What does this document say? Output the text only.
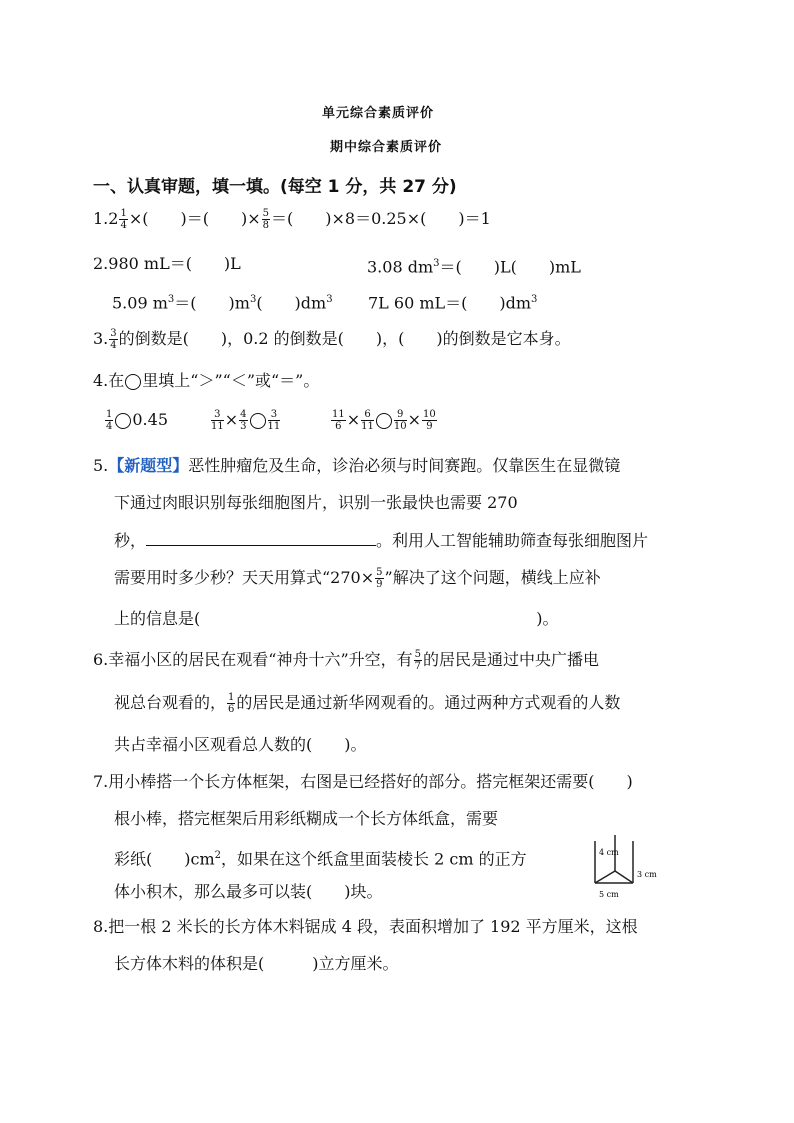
单元综合素质评价
期中综合素质评价
一、认真审题，填一填。(每空 1 分，共 27 分)
$1.2 \frac{1}{4}$ ×(　　)＝(　　)× $\frac{5}{8}$ ＝(　　)×8＝0.25×(　　)＝1
2.980 mL＝(　　)L	3.08 $dm^3=$(　　)L(　　)mL
5.09 $m^3=$(　　)$m^3$(　　)$dm^3$ 7L 60 mL＝(　　)$dm^3$
3. $\frac{3}{4}$ 的倒数是(　　)，0.2 的倒数是(　　)，(　　)的倒数是它本身。
4.在 里填上“＞”“＜”或“＝”。
$\frac{1}{4} 0.45$	$\frac{3}{11} \times \frac{4}{3} \frac{3}{11}$	$\frac{11}{6} \times \frac{6}{11} \frac{9}{10} \times \frac{10}{9}$
5.【新题型】恶性肿瘤危及生命，诊治必须与时间赛跑。仅靠医生在显微镜
下通过肉眼识别每张细胞图片，识别一张最快也需要 270
秒，	。利用人工智能辅助筛查每张细胞图片
需要用时多少秒？天天用算式“$270\times \frac{5}{9}$ ”解决了这个问题，横线上应补
上的信息是(　　　　　　　　　　　　　　　　　　　　　)。
6.幸福小区的居民在观看“神舟十六”升空，有 $\frac{5}{7}$ 的居民是通过中央广播电
视总台观看的， $\frac{1}{6}$ 的居民是通过新华网观看的。通过两种方式观看的人数
共占幸福小区观看总人数的(　　)。
7.用小棒搭一个长方体框架，右图是已经搭好的部分。搭完框架还需要(　　)
根小棒，搭完框架后用彩纸糊成一个长方体纸盒，需要
彩纸(　　)$cm^2$，如果在这个纸盒里面装棱长 2 cm 的正方
体小积木，那么最多可以装(　　)块。
4 cm
3 cm
5 cm
8.把一根 2 米长的长方体木料锯成 4 段，表面积增加了 192 平方厘米，这根
长方体木料的体积是(　　　)立方厘米。
